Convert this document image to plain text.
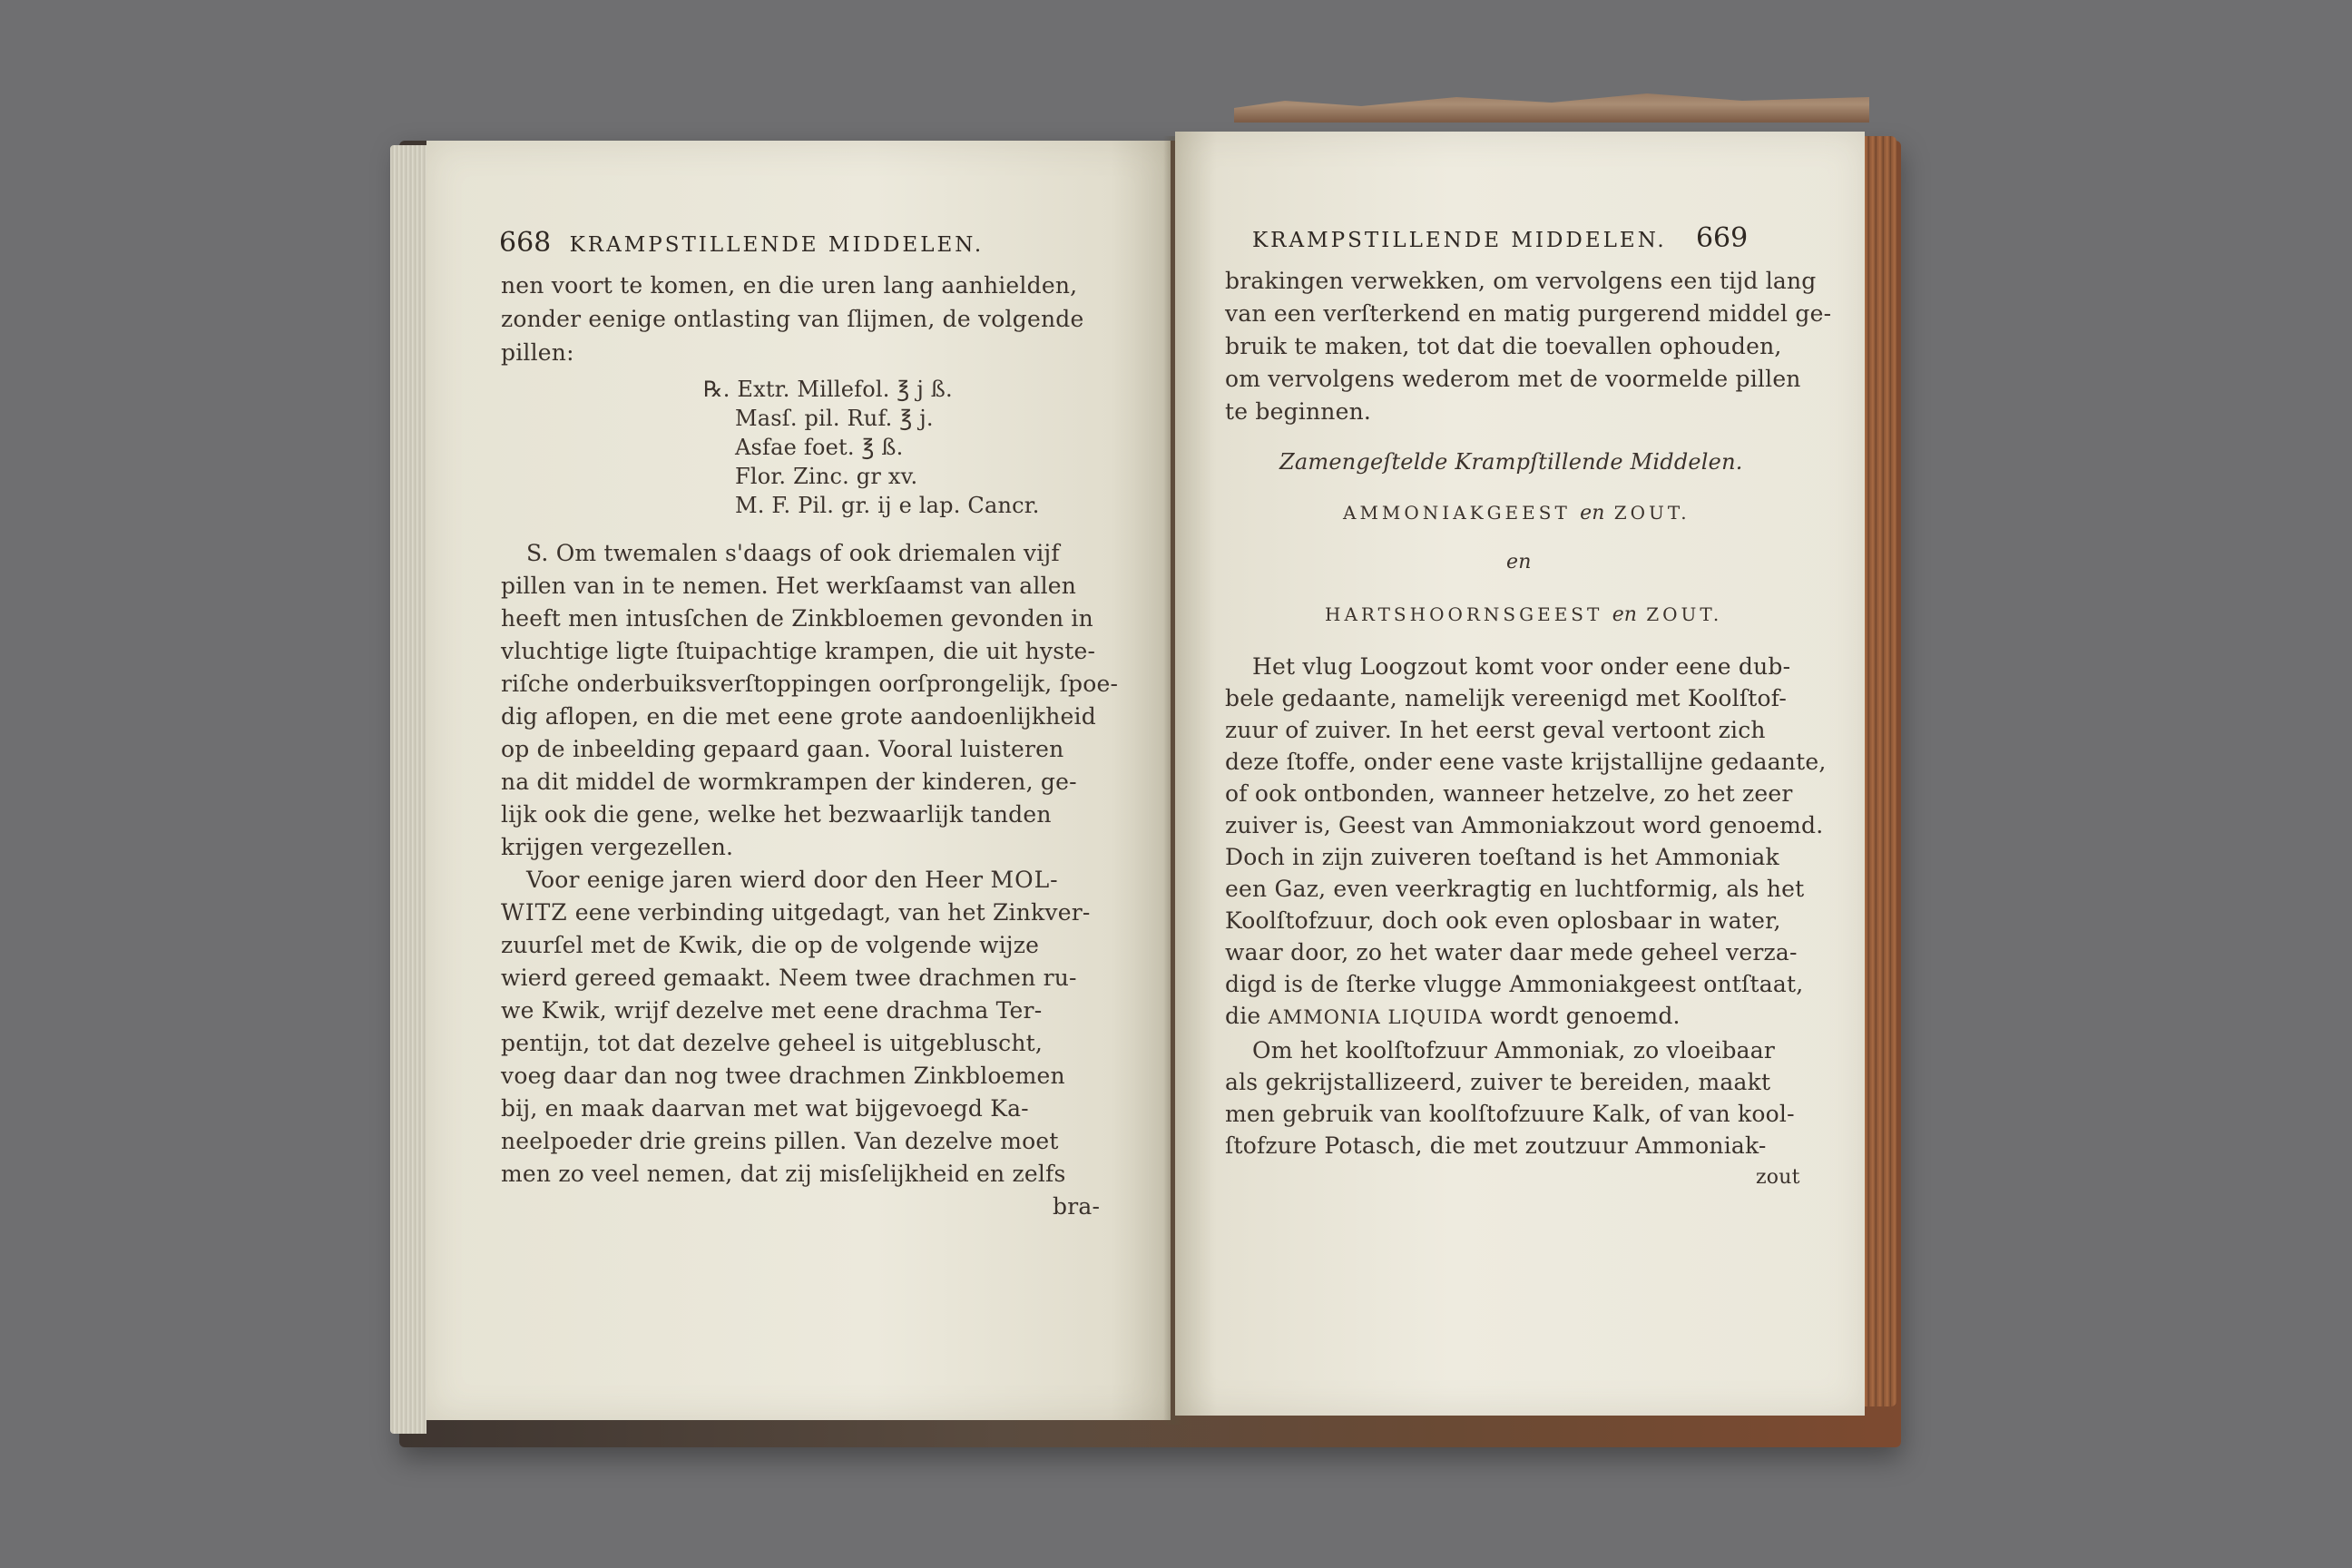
668 KRAMPSTILLENDE MIDDELEN.
nen voort te komen, en die uren lang aanhielden,
zonder eenige ontlasting van ſlijmen, de volgende
pillen:
℞. Extr. Millefol. ℥ j ß.
Masſ. pil. Ruf. ℥ j.
Asfae foet. ℥ ß.
Flor. Zinc. gr xv.
M. F. Pil. gr. ij e lap. Cancr.
S. Om twemalen s'daags of ook driemalen vijf
pillen van in te nemen. Het werkſaamst van allen
heeft men intusſchen de Zinkbloemen gevonden in
vluchtige ligte ſtuipachtige krampen, die uit hyste-
riſche onderbuiksverſtoppingen oorſprongelijk, ſpoe-
dig aflopen, en die met eene grote aandoenlijkheid
op de inbeelding gepaard gaan. Vooral luisteren
na dit middel de wormkrampen der kinderen, ge-
lijk ook die gene, welke het bezwaarlijk tanden
krijgen vergezellen.
Voor eenige jaren wierd door den Heer MOL-
WITZ eene verbinding uitgedagt, van het Zinkver-
zuurſel met de Kwik, die op de volgende wijze
wierd gereed gemaakt. Neem twee drachmen ru-
we Kwik, wrijf dezelve met eene drachma Ter-
pentijn, tot dat dezelve geheel is uitgebluscht,
voeg daar dan nog twee drachmen Zinkbloemen
bij, en maak daarvan met wat bijgevoegd Ka-
neelpoeder drie greins pillen. Van dezelve moet
men zo veel nemen, dat zij misſelijkheid en zelfs
bra-
KRAMPSTILLENDE MIDDELEN. 669
brakingen verwekken, om vervolgens een tijd lang
van een verſterkend en matig purgerend middel ge-
bruik te maken, tot dat die toevallen ophouden,
om vervolgens wederom met de voormelde pillen
te beginnen.
Zamengeſtelde Krampſtillende Middelen.
AMMONIAKGEEST en ZOUT.
en
HARTSHOORNSGEEST en ZOUT.
Het vlug Loogzout komt voor onder eene dub-
bele gedaante, namelijk vereenigd met Koolſtof-
zuur of zuiver. In het eerst geval vertoont zich
deze ſtoffe, onder eene vaste krijstallijne gedaante,
of ook ontbonden, wanneer hetzelve, zo het zeer
zuiver is, Geest van Ammoniakzout word genoemd.
Doch in zijn zuiveren toeſtand is het Ammoniak
een Gaz, even veerkragtig en luchtformig, als het
Koolſtofzuur, doch ook even oplosbaar in water,
waar door, zo het water daar mede geheel verza-
digd is de ſterke vlugge Ammoniakgeest ontſtaat,
die AMMONIA LIQUIDA wordt genoemd.
Om het koolſtofzuur Ammoniak, zo vloeibaar
als gekrijstallizeerd, zuiver te bereiden, maakt
men gebruik van koolſtofzuure Kalk, of van kool-
ſtofzure Potasch, die met zoutzuur Ammoniak-
zout
